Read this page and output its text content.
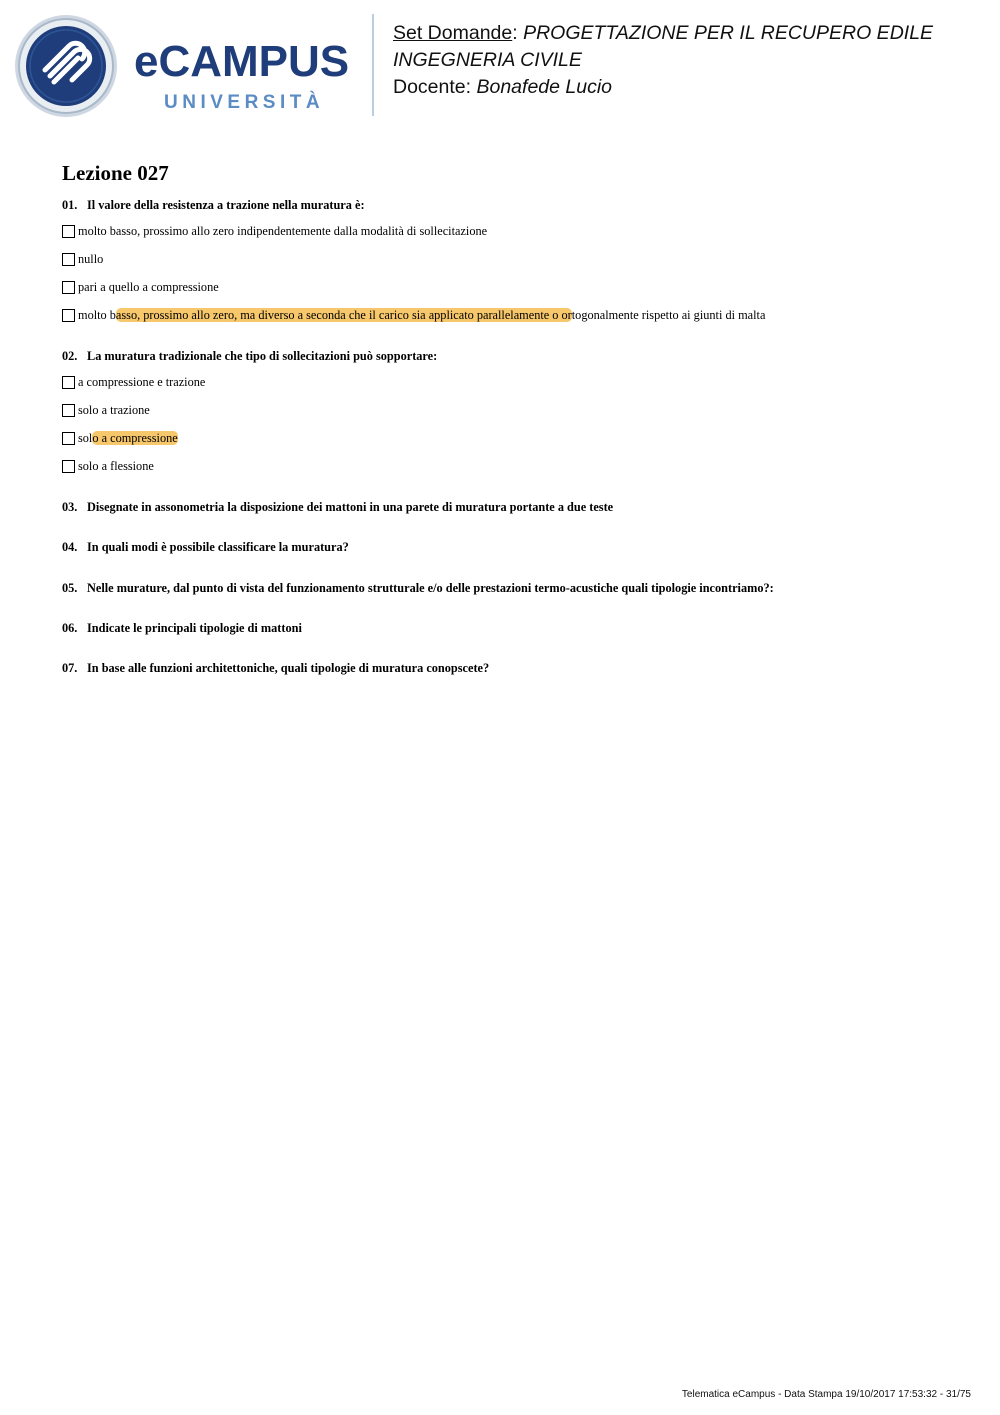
eCAMPUS
UNIVERSITÀ
Set Domande: PROGETTAZIONE PER IL RECUPERO EDILE
INGEGNERIA CIVILE
Docente: Bonafede Lucio
Lezione 027
01. Il valore della resistenza a trazione nella muratura è:
molto basso, prossimo allo zero indipendentemente dalla modalità di sollecitazione
nullo
pari a quello a compressione
molto basso, prossimo allo zero, ma diverso a seconda che il carico sia applicato parallelamente o ortogonalmente rispetto ai giunti di malta
02. La muratura tradizionale che tipo di sollecitazioni può sopportare:
a compressione e trazione
solo a trazione
solo a compressione
solo a flessione
03. Disegnate in assonometria la disposizione dei mattoni in una parete di muratura portante a due teste
04. In quali modi è possibile classificare la muratura?
05. Nelle murature, dal punto di vista del funzionamento strutturale e/o delle prestazioni termo-acustiche quali tipologie incontriamo?:
06. Indicate le principali tipologie di mattoni
07. In base alle funzioni architettoniche, quali tipologie di muratura conopscete?
Telematica eCampus - Data Stampa 19/10/2017 17:53:32 - 31/75
